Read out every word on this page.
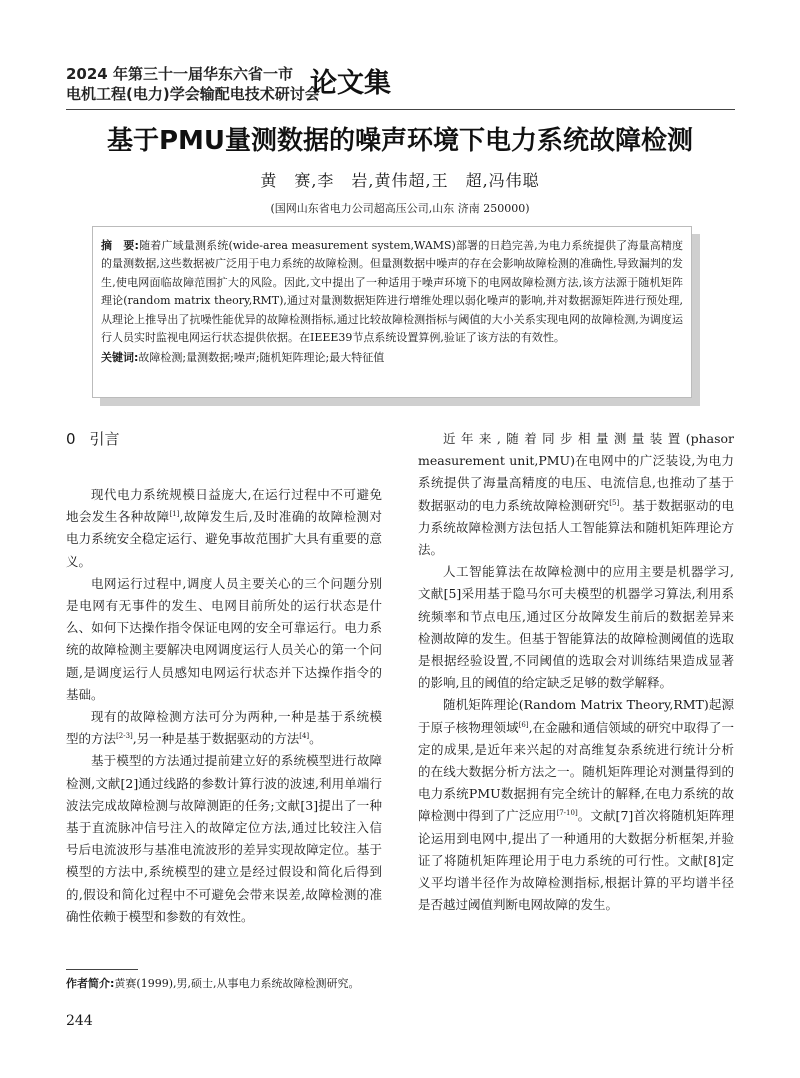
2024 年第三十一届华东六省一市
电机工程(电力)学会输配电技术研讨会
论文集
基于PMU量测数据的噪声环境下电力系统故障检测
黄　赛,李　岩,黄伟超,王　超,冯伟聪
(国网山东省电力公司超高压公司,山东 济南 250000)
摘　要:随着广域量测系统(wide-area measurement system,WAMS)部署的日趋完善,为电力系统提供了海量高精度的量测数据,这些数据被广泛用于电力系统的故障检测。但量测数据中噪声的存在会影响故障检测的准确性,导致漏判的发生,使电网面临故障范围扩大的风险。因此,文中提出了一种适用于噪声环境下的电网故障检测方法,该方法源于随机矩阵理论(random matrix theory,RMT),通过对量测数据矩阵进行增维处理以弱化噪声的影响,并对数据源矩阵进行预处理,从理论上推导出了抗噪性能优异的故障检测指标,通过比较故障检测指标与阈值的大小关系实现电网的故障检测,为调度运行人员实时监视电网运行状态提供依据。在IEEE39节点系统设置算例,验证了该方法的有效性。
关键词:故障检测;量测数据;噪声;随机矩阵理论;最大特征值
0 引言

现代电力系统规模日益庞大,在运行过程中不可避免地会发生各种故障[1],故障发生后,及时准确的故障检测对电力系统安全稳定运行、避免事故范围扩大具有重要的意义。

电网运行过程中,调度人员主要关心的三个问题分别是电网有无事件的发生、电网目前所处的运行状态是什么、如何下达操作指令保证电网的安全可靠运行。电力系统的故障检测主要解决电网调度运行人员关心的第一个问题,是调度运行人员感知电网运行状态并下达操作指令的基础。

现有的故障检测方法可分为两种,一种是基于系统模型的方法[2-3],另一种是基于数据驱动的方法[4]。

基于模型的方法通过提前建立好的系统模型进行故障检测,文献[2]通过线路的参数计算行波的波速,利用单端行波法完成故障检测与故障测距的任务;文献[3]提出了一种基于直流脉冲信号注入的故障定位方法,通过比较注入信号后电流波形与基准电流波形的差异实现故障定位。基于模型的方法中,系统模型的建立是经过假设和简化后得到的,假设和简化过程中不可避免会带来误差,故障检测的准确性依赖于模型和参数的有效性。

近年来,随着同步相量测量装置(phasor measurement unit,PMU)在电网中的广泛装设,为电力系统提供了海量高精度的电压、电流信息,也推动了基于数据驱动的电力系统故障检测研究[5]。基于数据驱动的电力系统故障检测方法包括人工智能算法和随机矩阵理论方法。

人工智能算法在故障检测中的应用主要是机器学习,文献[5]采用基于隐马尔可夫模型的机器学习算法,利用系统频率和节点电压,通过区分故障发生前后的数据差异来检测故障的发生。但基于智能算法的故障检测阈值的选取是根据经验设置,不同阈值的选取会对训练结果造成显著的影响,且的阈值的给定缺乏足够的数学解释。

随机矩阵理论(Random Matrix Theory,RMT)起源于原子核物理领域[6],在金融和通信领域的研究中取得了一定的成果,是近年来兴起的对高维复杂系统进行统计分析的在线大数据分析方法之一。随机矩阵理论对测量得到的电力系统PMU数据拥有完全统计的解释,在电力系统的故障检测中得到了广泛应用[7-10]。文献[7]首次将随机矩阵理论运用到电网中,提出了一种通用的大数据分析框架,并验证了将随机矩阵理论用于电力系统的可行性。文献[8]定义平均谱半径作为故障检测指标,根据计算的平均谱半径是否越过阈值判断电网故障的发生。

作者简介:黄赛(1999),男,硕士,从事电力系统故障检测研究。
244
